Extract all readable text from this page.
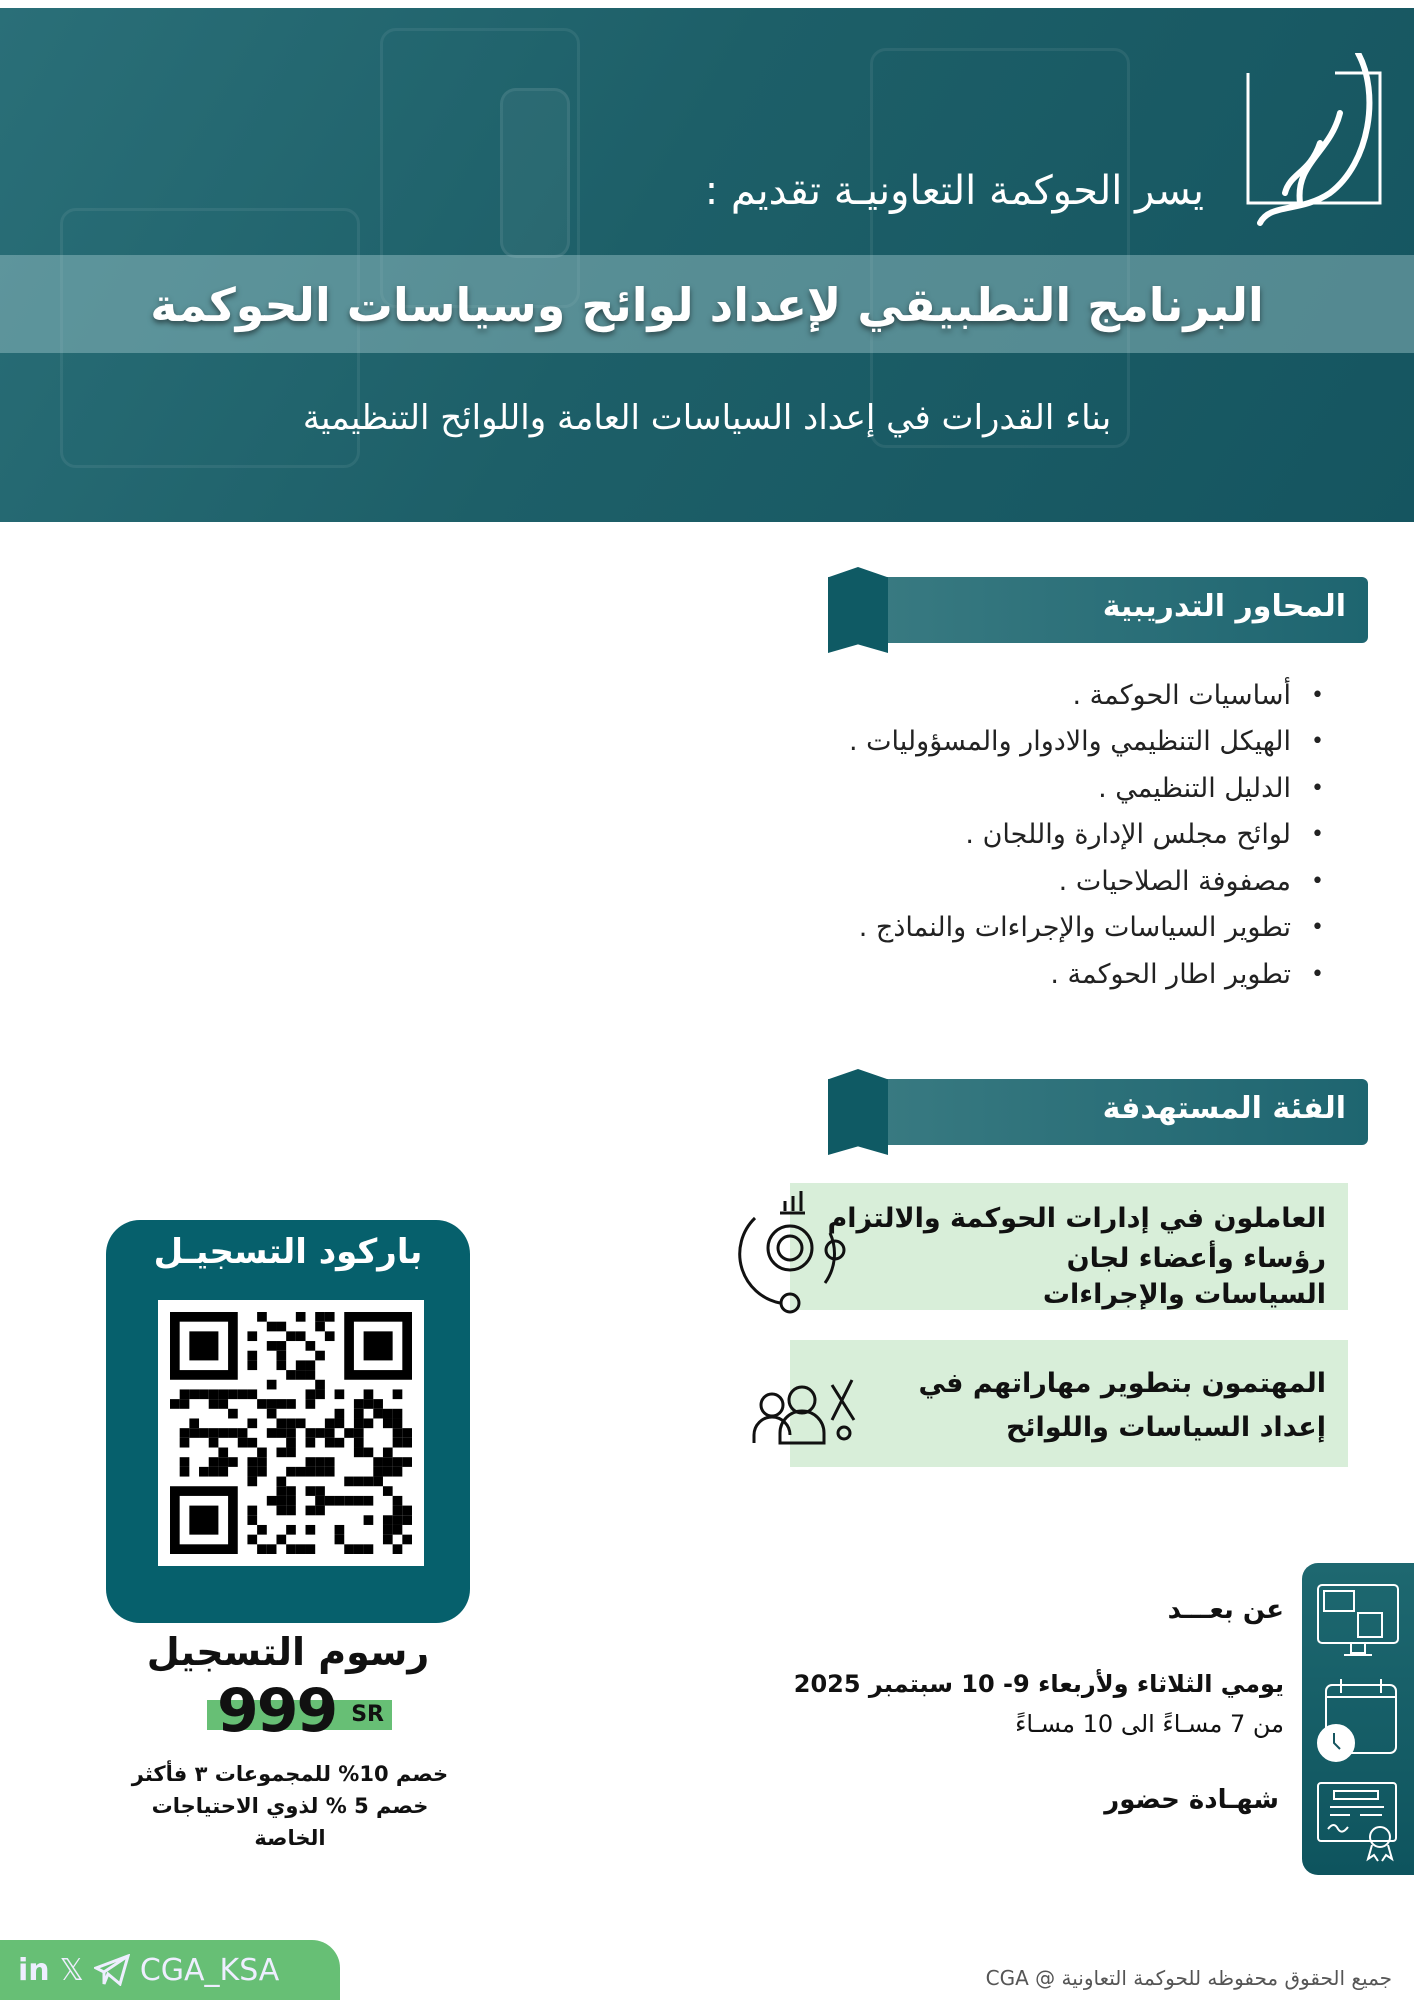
يسر الحوكمة التعاونيـة تقديم :
البرنامج التطبيقي لإعداد لوائح وسياسات الحوكمة
بناء القدرات في إعداد السياسات العامة واللوائح التنظيمية
المحاور التدريبية
• أساسيات الحوكمة .
• الهيكل التنظيمي والادوار والمسؤوليات .
• الدليل التنظيمي .
• لوائح مجلس الإدارة واللجان .
• مصفوفة الصلاحيات .
• تطوير السياسات والإجراءات والنماذج .
• تطوير اطار الحوكمة .
الفئة المستهدفة
العاملون في إدارات الحوكمة والالتزام
رؤساء وأعضاء لجان السياسات والإجراءات
المهتمون بتطوير مهاراتهم في
إعداد السياسات واللوائح
باركود التسجيـل
رسوم التسجيل
999 SR
خصم 10% للمجموعات ٣ فأكثر
خصم 5 % لذوي الاحتياجات الخاصة
عن بعـــد
يومي الثلاثاء ولأربعاء 9- 10 سبتمبر 2025
من 7 مسـاءً الى 10 مسـاءً
شهـادة حضور
in 𝕏 CGA_KSA	جميع الحقوق محفوظه للحوكمة التعاونية @ CGA
